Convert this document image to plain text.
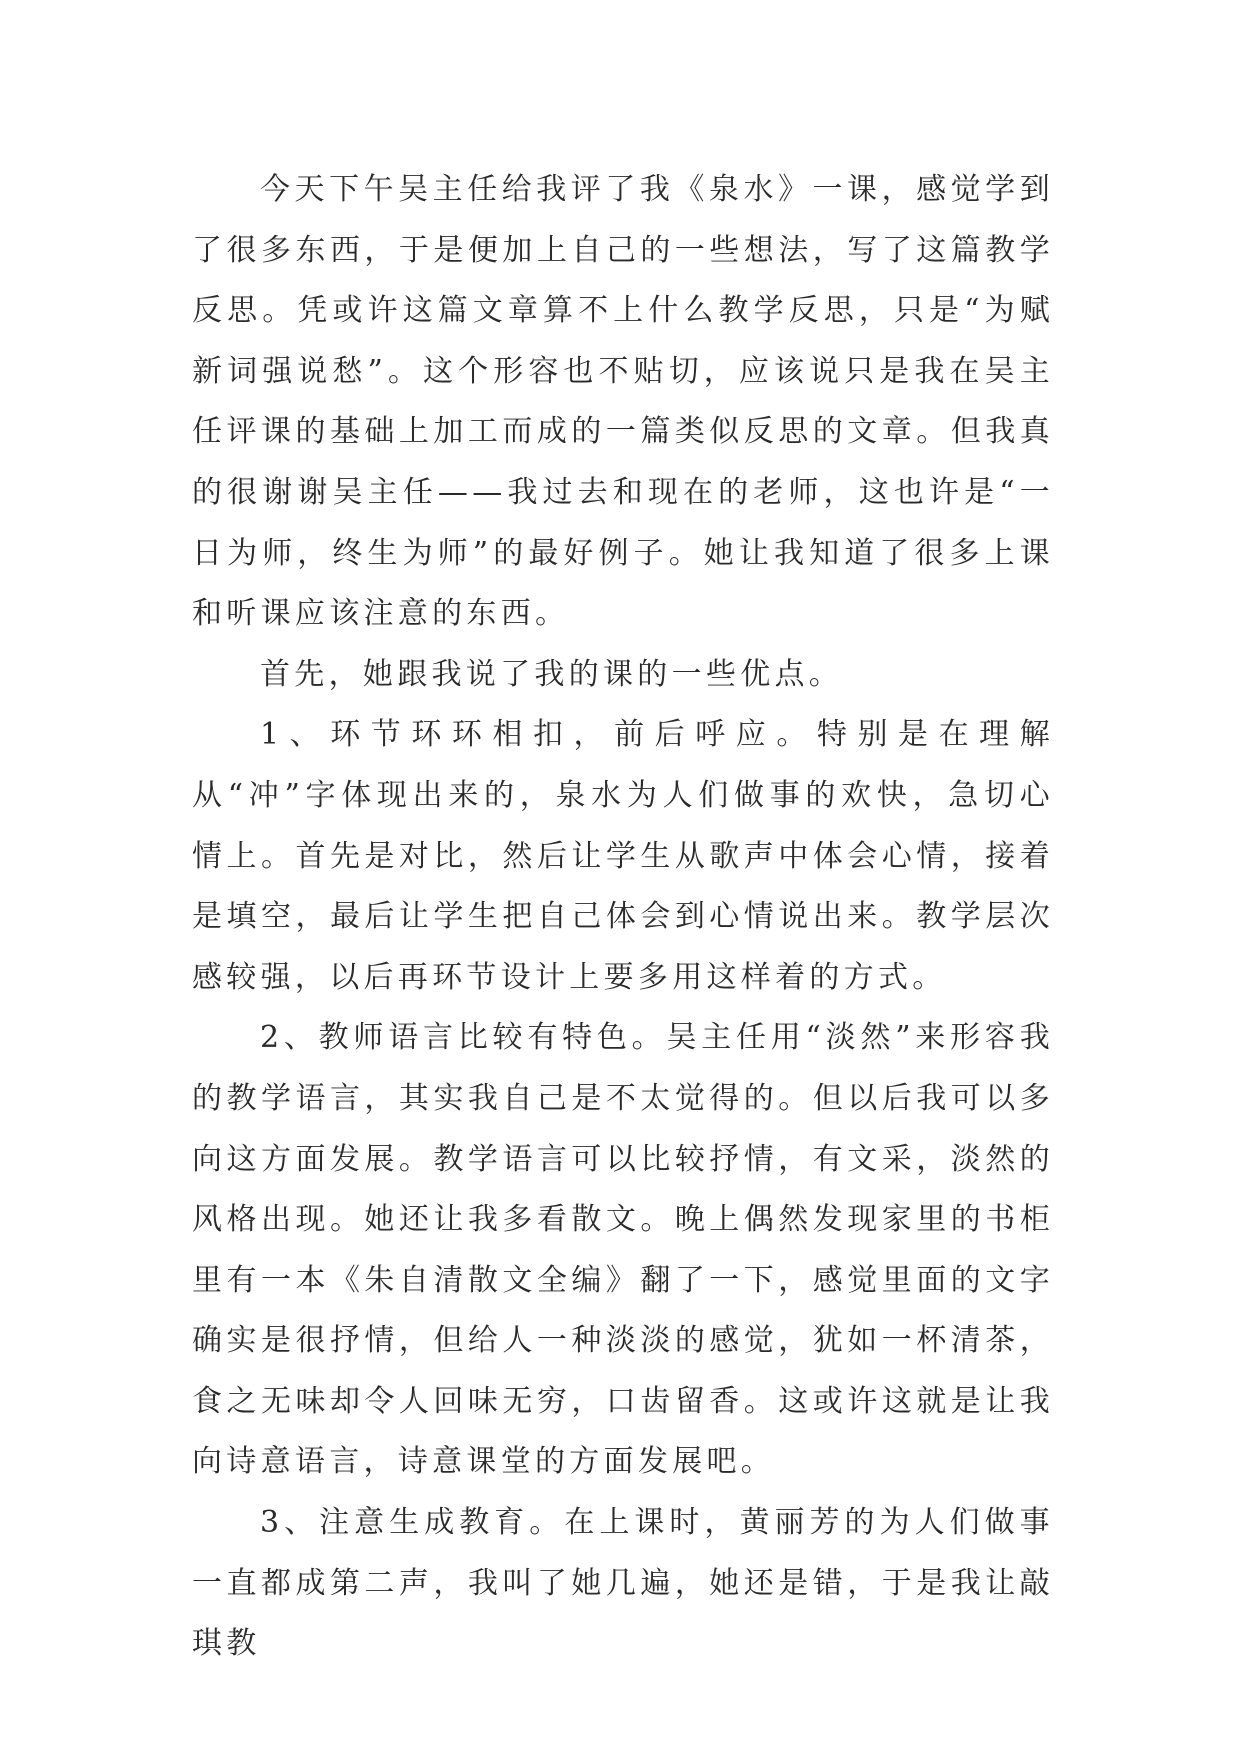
今天下午吴主任给我评了我《泉水》一课，感觉学到了很多东西，于是便加上自己的一些想法，写了这篇教学反思。凭或许这篇文章算不上什么教学反思，只是“为赋新词强说愁”。这个形容也不贴切，应该说只是我在吴主任评课的基础上加工而成的一篇类似反思的文章。但我真的很谢谢吴主任——我过去和现在的老师，这也许是“一日为师，终生为师”的最好例子。她让我知道了很多上课和听课应该注意的东西。

首先，她跟我说了我的课的一些优点。

1、环节环环相扣，前后呼应。特别是在理解从“冲”字体现出来的，泉水为人们做事的欢快，急切心情上。首先是对比，然后让学生从歌声中体会心情，接着是填空，最后让学生把自己体会到心情说出来。教学层次感较强，以后再环节设计上要多用这样着的方式。

2、教师语言比较有特色。吴主任用“淡然”来形容我的教学语言，其实我自己是不太觉得的。但以后我可以多向这方面发展。教学语言可以比较抒情，有文采，淡然的风格出现。她还让我多看散文。晚上偶然发现家里的书柜里有一本《朱自清散文全编》翻了一下，感觉里面的文字确实是很抒情，但给人一种淡淡的感觉，犹如一杯清茶，食之无味却令人回味无穷，口齿留香。这或许这就是让我向诗意语言，诗意课堂的方面发展吧。

3、注意生成教育。在上课时，黄丽芳的为人们做事一直都成第二声，我叫了她几遍，她还是错，于是我让敲琪教
